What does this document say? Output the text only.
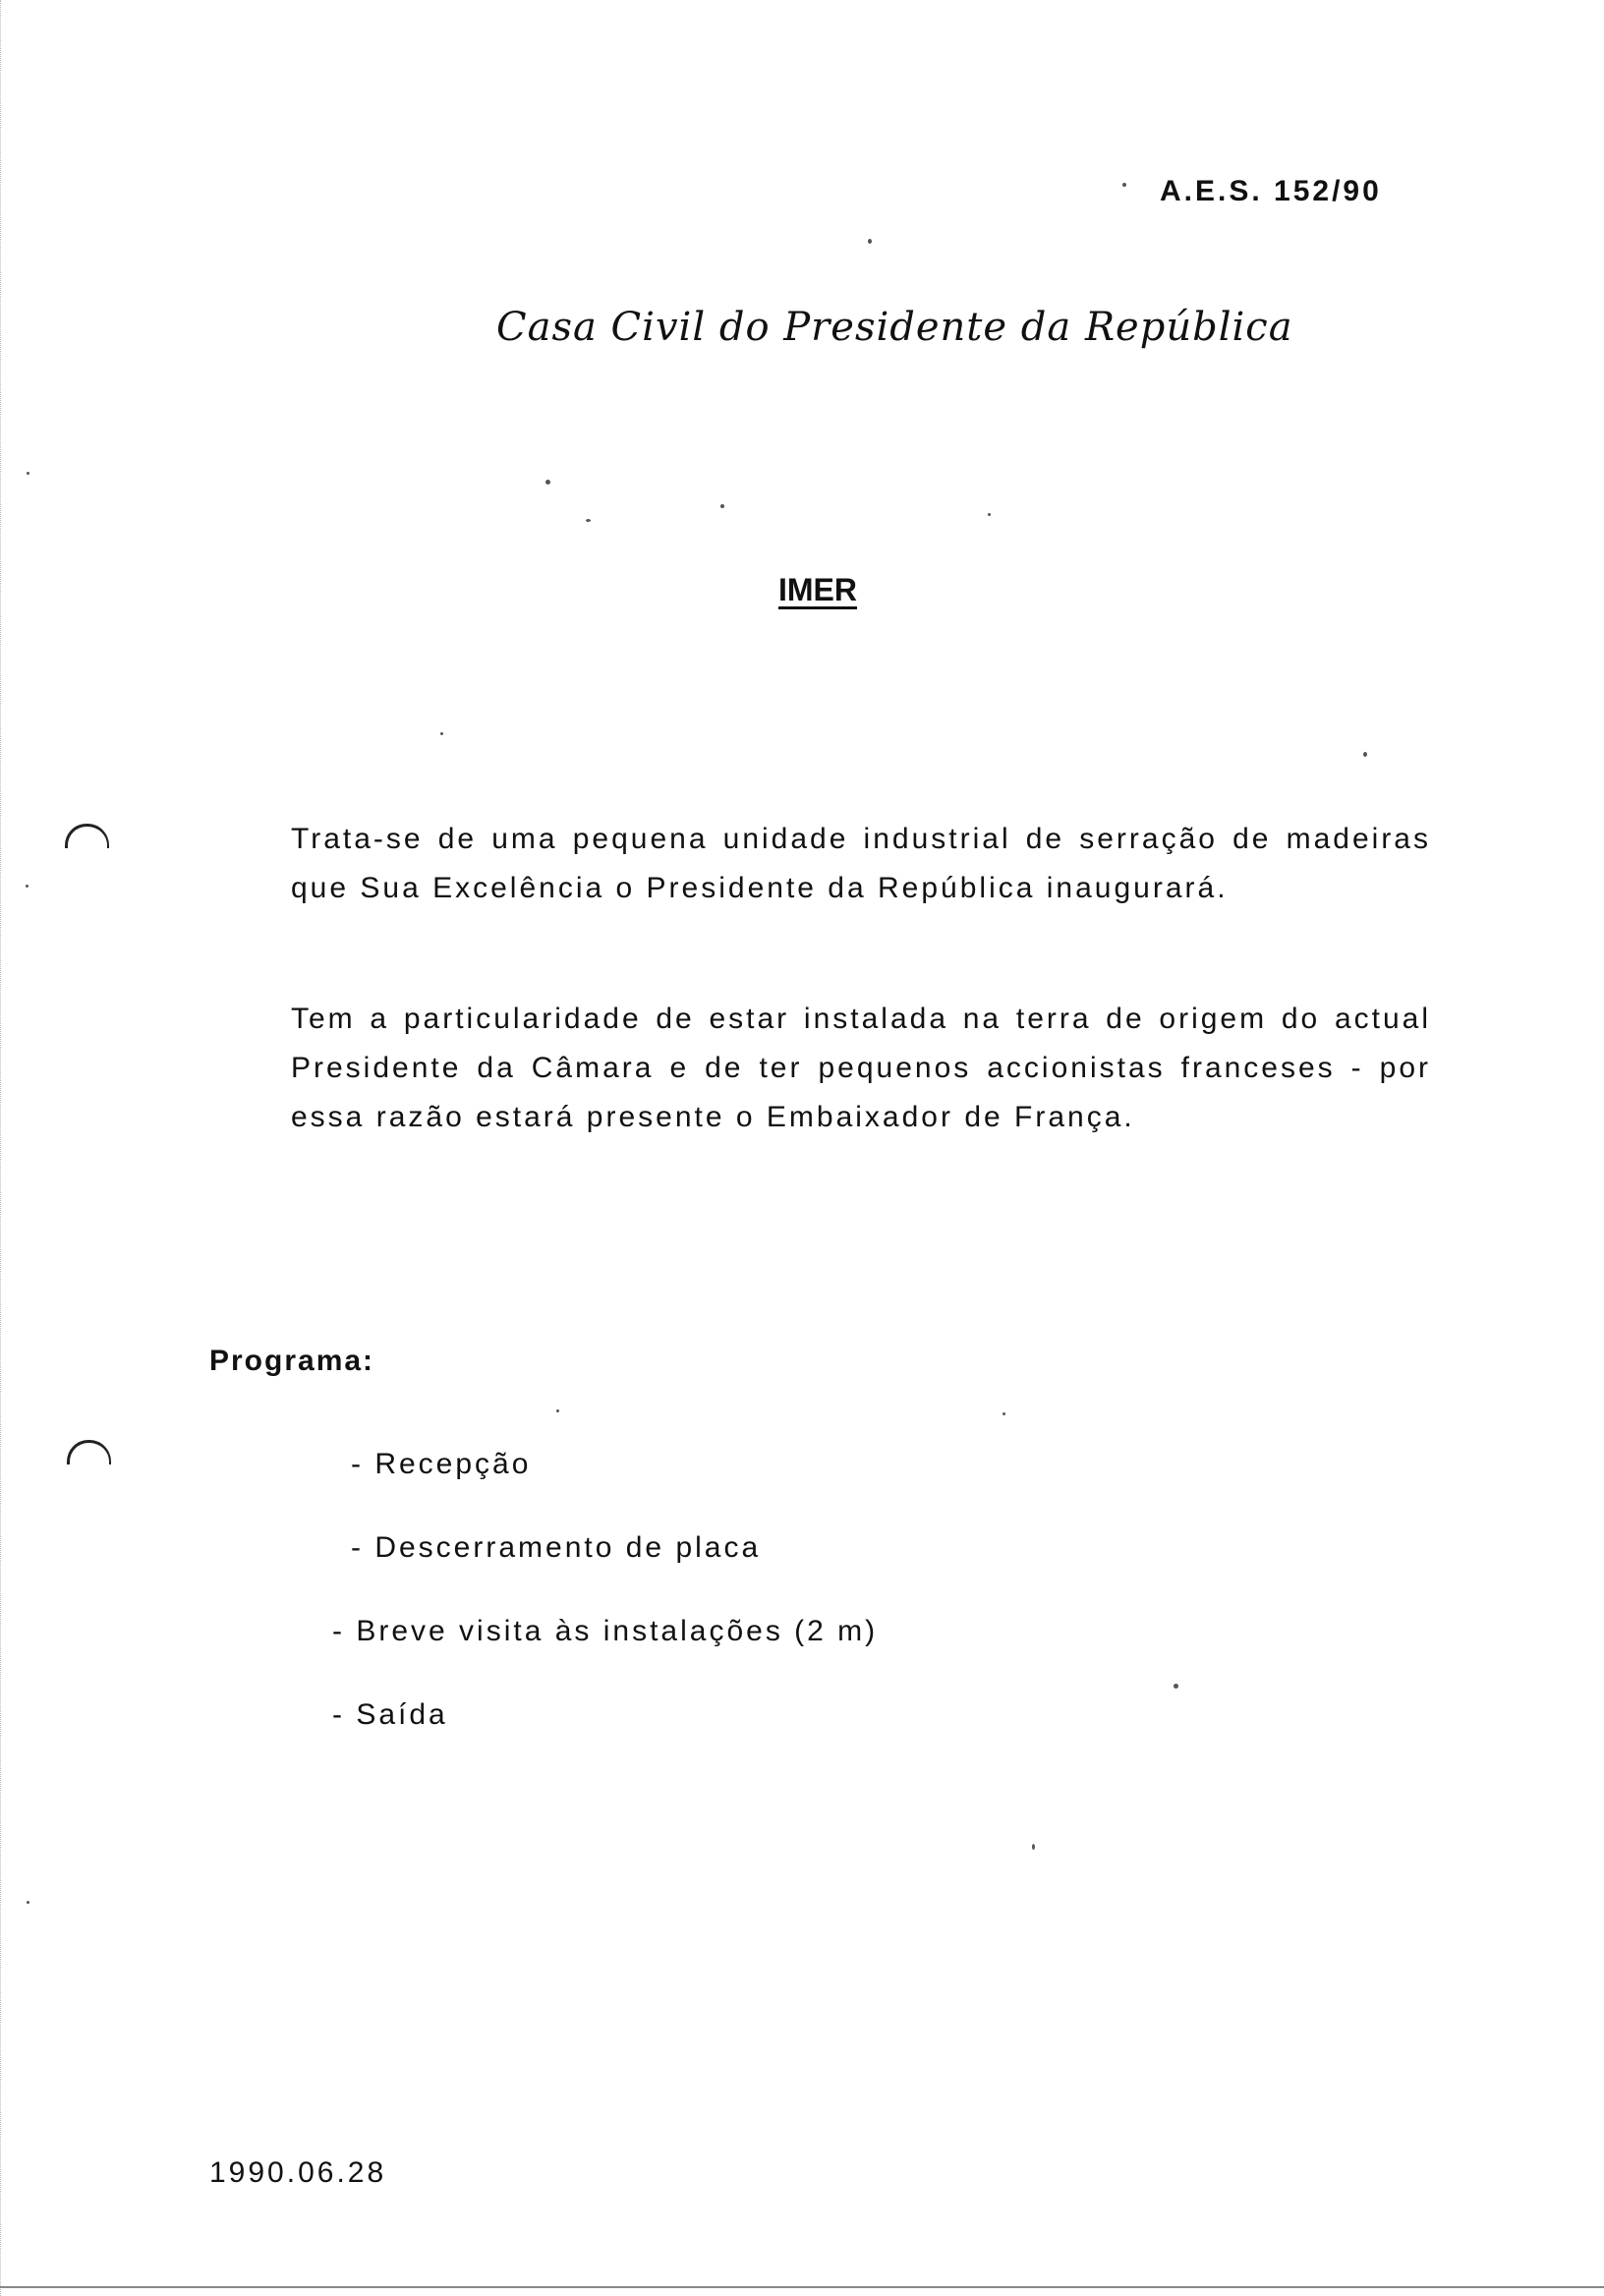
A.E.S. 152/90
Casa Civil do Presidente da República
IMER

Trata-se de uma pequena unidade industrial de serração de madeiras que Sua Excelência o Presidente da República inaugurará.

Tem a particularidade de estar instalada na terra de origem do actual Presidente da Câmara e de ter pequenos accionistas franceses - por essa razão estará presente o Embaixador de França.

Programa:
- Recepção
- Descerramento de placa
- Breve visita às instalações (2 m)
- Saída
1990.06.28
